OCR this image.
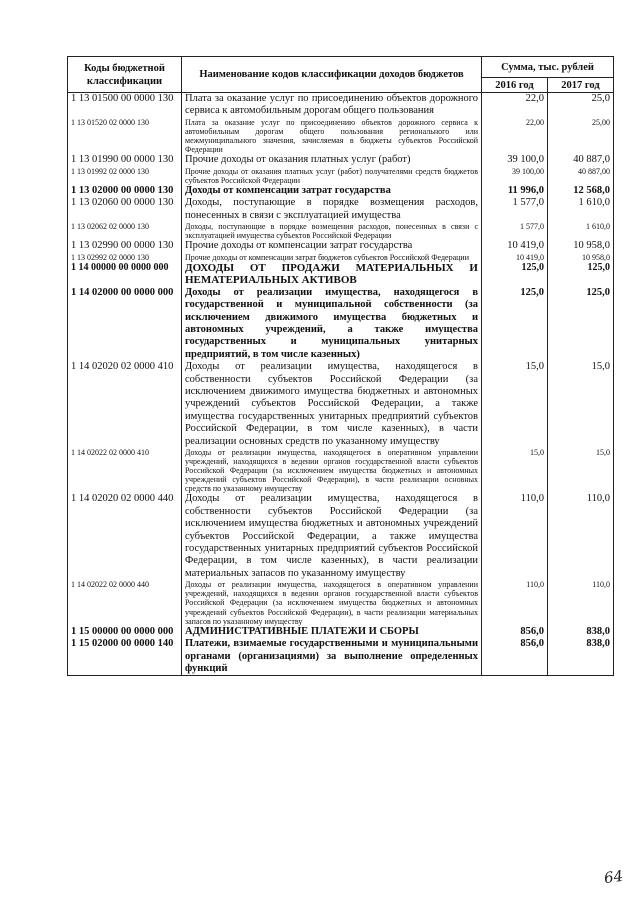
Коды бюджетной классификации	Наименование кодов классификации доходов бюджетов	Сумма, тыс. рублей	
		2016 год	2017 год
1 13 01500 00 0000 130	Плата за оказание услуг по присоединению объектов дорожного сервиса к автомобильным дорогам общего пользования	22,0	25,0
1 13 01520 02 0000 130	Плата за оказание услуг по присоединению объектов дорожного сервиса к автомобильным дорогам общего пользования регионального или межмуниципального значения, зачисляемая в бюджеты субъектов Российской Федерации	22,00	25,00
1 13 01990 00 0000 130	Прочие доходы от оказания платных услуг (работ)	39 100,0	40 887,0
1 13 01992 02 0000 130	Прочие доходы от оказания платных услуг (работ) получателями средств бюджетов субъектов Российской Федерации	39 100,00	40 887,00
1 13 02000 00 0000 130	Доходы от компенсации затрат государства	11 996,0	12 568,0
1 13 02060 00 0000 130	Доходы, поступающие в порядке возмещения расходов, понесенных в связи с эксплуатацией имущества	1 577,0	1 610,0
1 13 02062 02 0000 130	Доходы, поступающие в порядке возмещения расходов, понесенных в связи с эксплуатацией имущества субъектов Российской Федерации	1 577,0	1 610,0
1 13 02990 00 0000 130	Прочие доходы от компенсации затрат государства	10 419,0	10 958,0
1 13 02992 02 0000 130	Прочие доходы от компенсации затрат бюджетов субъектов Российской Федерации	10 419,0	10 958,0
1 14 00000 00 0000 000	ДОХОДЫ ОТ ПРОДАЖИ МАТЕРИАЛЬНЫХ И НЕМАТЕРИАЛЬНЫХ АКТИВОВ	125,0	125,0
1 14 02000 00 0000 000	Доходы от реализации имущества, находящегося в государственной и муниципальной собственности (за исключением движимого имущества бюджетных и автономных учреждений, а также имущества государственных и муниципальных унитарных предприятий, в том числе казенных)	125,0	125,0
1 14 02020 02 0000 410	Доходы от реализации имущества, находящегося в собственности субъектов Российской Федерации (за исключением движимого имущества бюджетных и автономных учреждений субъектов Российской Федерации, а также имущества государственных унитарных предприятий субъектов Российской Федерации, в том числе казенных), в части реализации основных средств по указанному имуществу	15,0	15,0
1 14 02022 02 0000 410	Доходы от реализации имущества, находящегося в оперативном управлении учреждений, находящихся в ведении органов государственной власти субъектов Российской Федерации (за исключением имущества бюджетных и автономных учреждений субъектов Российской Федерации), в части реализации основных средств по указанному имуществу	15,0	15,0
1 14 02020 02 0000 440	Доходы от реализации имущества, находящегося в собственности субъектов Российской Федерации (за исключением имущества бюджетных и автономных учреждений субъектов Российской Федерации, а также имущества государственных унитарных предприятий субъектов Российской Федерации, в том числе казенных), в части реализации материальных запасов по указанному имуществу	110,0	110,0
1 14 02022 02 0000 440	Доходы от реализации имущества, находящегося в оперативном управлении учреждений, находящихся в ведении органов государственной власти субъектов Российской Федерации (за исключением имущества бюджетных и автономных учреждений субъектов Российской Федерации), в части реализации материальных запасов по указанному имуществу	110,0	110,0
1 15 00000 00 0000 000	АДМИНИСТРАТИВНЫЕ ПЛАТЕЖИ И СБОРЫ	856,0	838,0
1 15 02000 00 0000 140	Платежи, взимаемые государственными и муниципальными органами (организациями) за выполнение определенных функций	856,0	838,0
64
